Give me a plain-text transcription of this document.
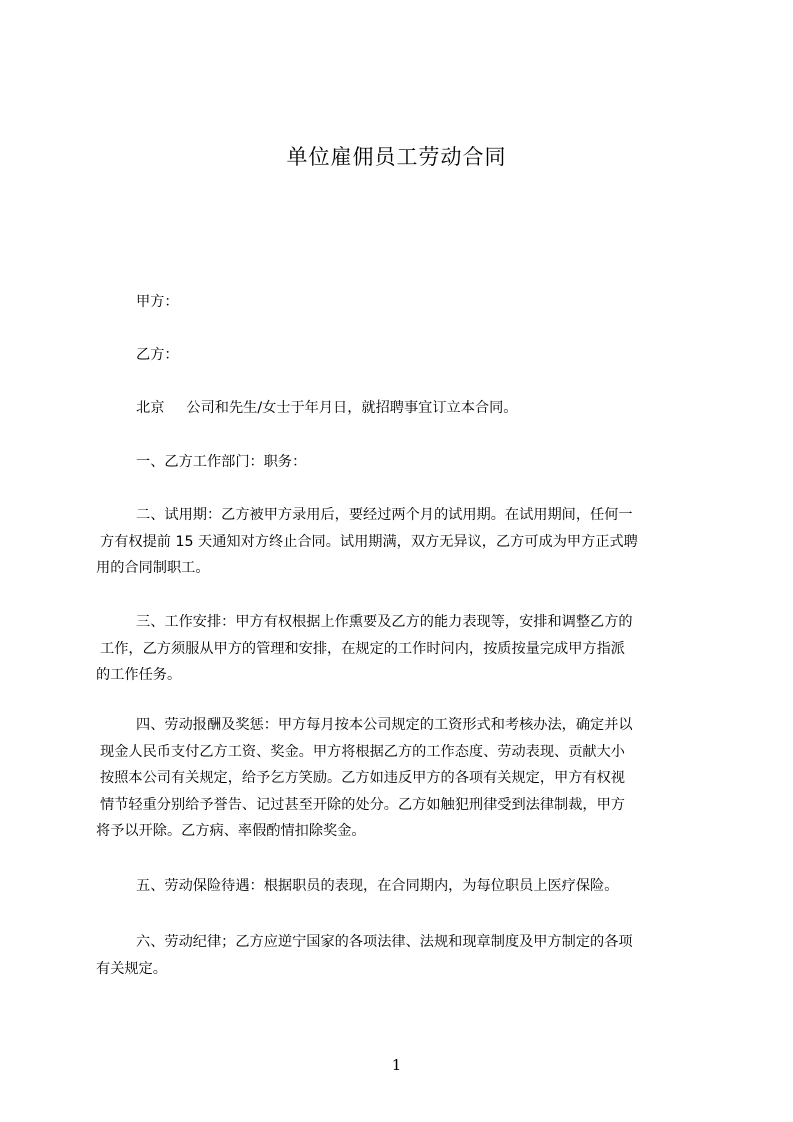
单位雇佣员工劳动合同
甲方：
乙方：
北京 公司和先生/女士于年月日，就招聘事宜订立本合同。
一、乙方工作部门：职务：
二、试用期：乙方被甲方录用后，要经过两个月的试用期。在试用期间，任何一
方有权提前 15 天通知对方终止合同。试用期满，双方无异议，乙方可成为甲方正式聘
用的合同制职工。
三、工作安排：甲方有权根据上作熏要及乙方的能力表现等，安排和调整乙方的
工作，乙方须服从甲方的管理和安排，在规定的工作时问内，按质按量完成甲方指派
的工作任务。
四、劳动报酬及奖惩：甲方每月按本公司规定的工资形式和考核办法，确定并以
现金人民币支付乙方工资、奖金。甲方将根据乙方的工作态度、劳动表现、贡献大小
按照本公司有关规定，给予乞方笑励。乙方如违反甲方的各项有关规定，甲方有权视
情节轻重分别给予誉告、记过甚至开除的处分。乙方如触犯刑律受到法律制裁，甲方
将予以开除。乙方病、率假酌情扣除奖金。
五、劳动保险待遇：根据职员的表现，在合同期内，为每位职员上医疗保险。
六、劳动纪律；乙方应逆宁国家的各项法律、法规和现章制度及甲方制定的各项
有关规定。
1
